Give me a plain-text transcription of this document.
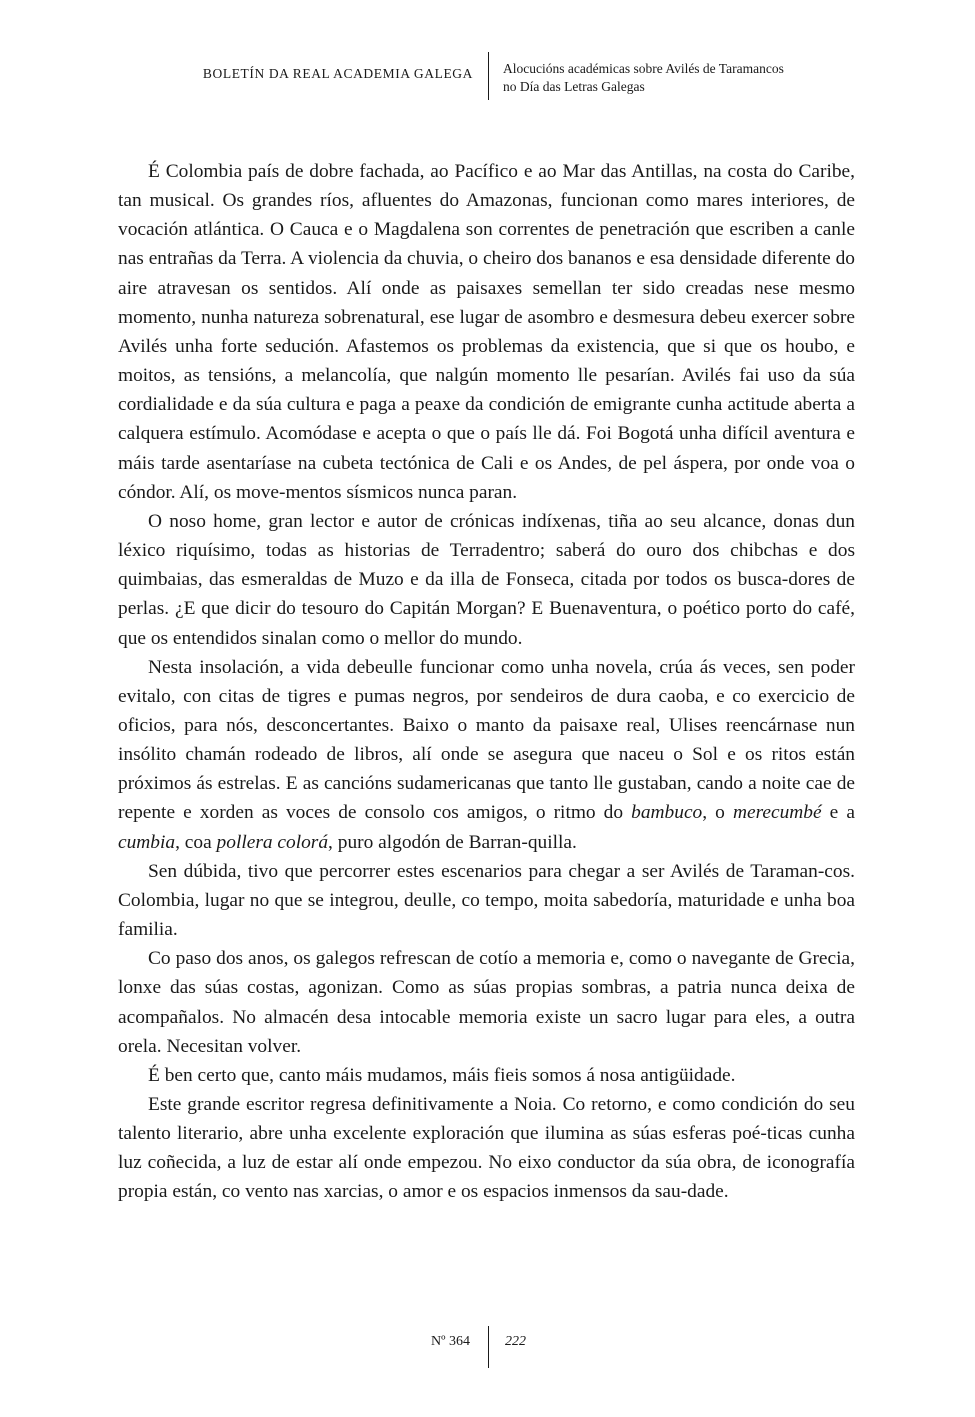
BOLETÍN DA REAL ACADEMIA GALEGA Alocucións académicas sobre Avilés de Taramancos
no Día das Letras Galegas

É Colombia país de dobre fachada, ao Pacífico e ao Mar das Antillas, na costa do Caribe, tan musical. Os grandes ríos, afluentes do Amazonas, funcionan como mares interiores, de vocación atlántica. O Cauca e o Magdalena son correntes de penetración que escriben a canle nas entrañas da Terra. A violencia da chuvia, o cheiro dos bananos e esa densidade diferente do aire atravesan os sentidos. Alí onde as paisaxes semellan ter sido creadas nese mesmo momento, nunha natureza sobrenatural, ese lugar de asombro e desmesura debeu exercer sobre Avilés unha forte sedución. Afastemos os problemas da existencia, que si que os houbo, e moitos, as tensións, a melancolía, que nalgún momento lle pesarían. Avilés fai uso da súa cordialidade e da súa cultura e paga a peaxe da condición de emigrante cunha actitude aberta a calquera estímulo. Acomódase e acepta o que o país lle dá. Foi Bogotá unha difícil aventura e máis tarde asentaríase na cubeta tectónica de Cali e os Andes, de pel áspera, por onde voa o cóndor. Alí, os move-mentos sísmicos nunca paran.

O noso home, gran lector e autor de crónicas indíxenas, tiña ao seu alcance, donas dun léxico riquísimo, todas as historias de Terradentro; saberá do ouro dos chibchas e dos quimbaias, das esmeraldas de Muzo e da illa de Fonseca, citada por todos os busca-dores de perlas. ¿E que dicir do tesouro do Capitán Morgan? E Buenaventura, o poético porto do café, que os entendidos sinalan como o mellor do mundo.

Nesta insolación, a vida debeulle funcionar como unha novela, crúa ás veces, sen poder evitalo, con citas de tigres e pumas negros, por sendeiros de dura caoba, e co exercicio de oficios, para nós, desconcertantes. Baixo o manto da paisaxe real, Ulises reencárnase nun insólito chamán rodeado de libros, alí onde se asegura que naceu o Sol e os ritos están próximos ás estrelas. E as cancións sudamericanas que tanto lle gustaban, cando a noite cae de repente e xorden as voces de consolo cos amigos, o ritmo do bambuco, o merecumbé e a cumbia, coa pollera colorá, puro algodón de Barran-quilla.

Sen dúbida, tivo que percorrer estes escenarios para chegar a ser Avilés de Taraman-cos. Colombia, lugar no que se integrou, deulle, co tempo, moita sabedoría, maturidade e unha boa familia.

Co paso dos anos, os galegos refrescan de cotío a memoria e, como o navegante de Grecia, lonxe das súas costas, agonizan. Como as súas propias sombras, a patria nunca deixa de acompañalos. No almacén desa intocable memoria existe un sacro lugar para eles, a outra orela. Necesitan volver.

É ben certo que, canto máis mudamos, máis fieis somos á nosa antigüidade.

Este grande escritor regresa definitivamente a Noia. Co retorno, e como condición do seu talento literario, abre unha excelente exploración que ilumina as súas esferas poé-ticas cunha luz coñecida, a luz de estar alí onde empezou. No eixo conductor da súa obra, de iconografía propia están, co vento nas xarcias, o amor e os espacios inmensos da sau-dade.

Nº 364	222
